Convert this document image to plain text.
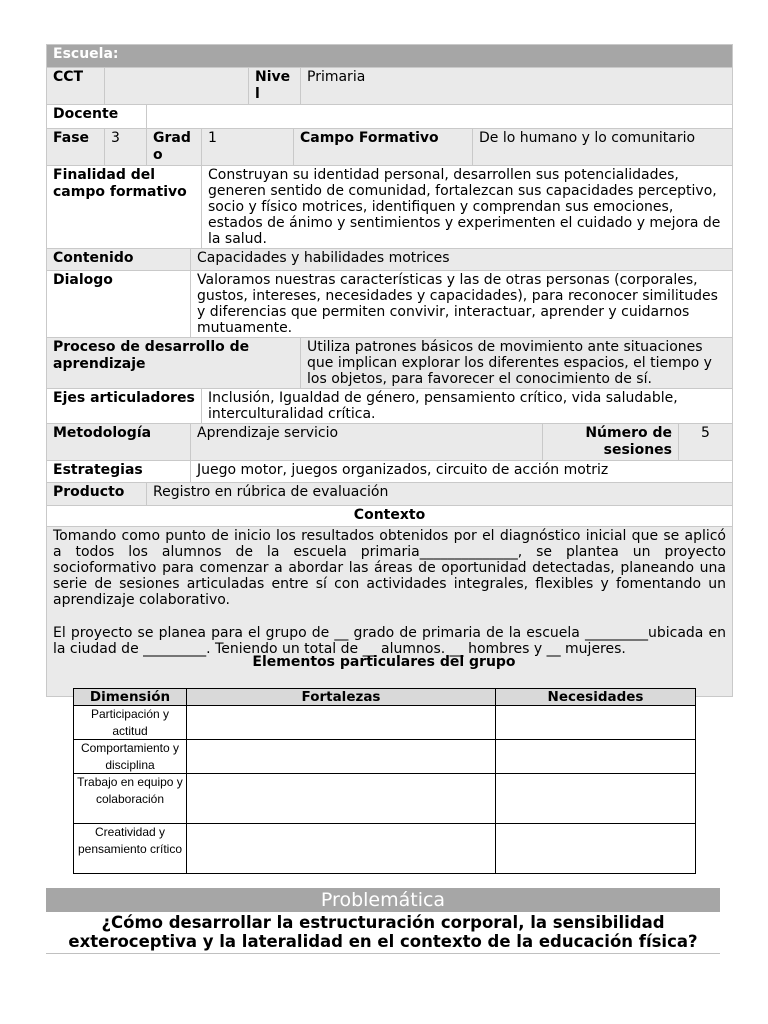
Escuela:										
CCT					Nivel		Primaria			
Docente										
Fase	3	Grado		1		Campo Formativo		De lo humano y lo comunitario		
Finalidad del campo formativo				Construyan su identidad personal, desarrollen sus potencialidades, generen sentido de comunidad, fortalezcan sus capacidades perceptivo, socio y físico motrices, identifiquen y comprendan sus emociones, estados de ánimo y sentimientos y experimenten el cuidado y mejora de la salud.						
Contenido			Capacidades y habilidades motrices							
Dialogo			Valoramos nuestras características y las de otras personas (corporales, gustos, intereses, necesidades y capacidades), para reconocer similitudes y diferencias que permiten convivir, interactuar, aprender y cuidarnos mutuamente.							
Proceso de desarrollo de aprendizaje							Utiliza patrones básicos de movimiento ante situaciones que implican explorar los diferentes espacios, el tiempo y los objetos, para favorecer el conocimiento de sí.			
Ejes articuladores				Inclusión, Igualdad de género, pensamiento crítico, vida saludable, interculturalidad crítica.						
Metodología			Aprendizaje servicio						Número de sesiones	5
Estrategias			Juego motor, juegos organizados, circuito de acción motriz							
Producto		Registro en rúbrica de evaluación								
Contexto										

Tomando como punto de inicio los resultados obtenidos por el diagnóstico inicial que se aplicó a todos los alumnos de la escuela primaria______________, se plantea un proyecto socioformativo para comenzar a abordar las áreas de oportunidad detectadas, planeando una serie de sesiones articuladas entre sí con actividades integrales, flexibles y fomentando un aprendizaje colaborativo.

El proyecto se planea para el grupo de __ grado de primaria de la escuela _________ubicada en la ciudad de _________. Teniendo un total de __ alumnos. __ hombres y __ mujeres.										

Elementos particulares del grupo
Dimensión	Fortalezas	Necesidades
Participación y actitud		
Comportamiento y disciplina		
Trabajo en equipo y colaboración		
Creatividad y pensamiento crítico		
Problemática
¿Cómo desarrollar la estructuración corporal, la sensibilidad exteroceptiva y la lateralidad en el contexto de la educación física?
